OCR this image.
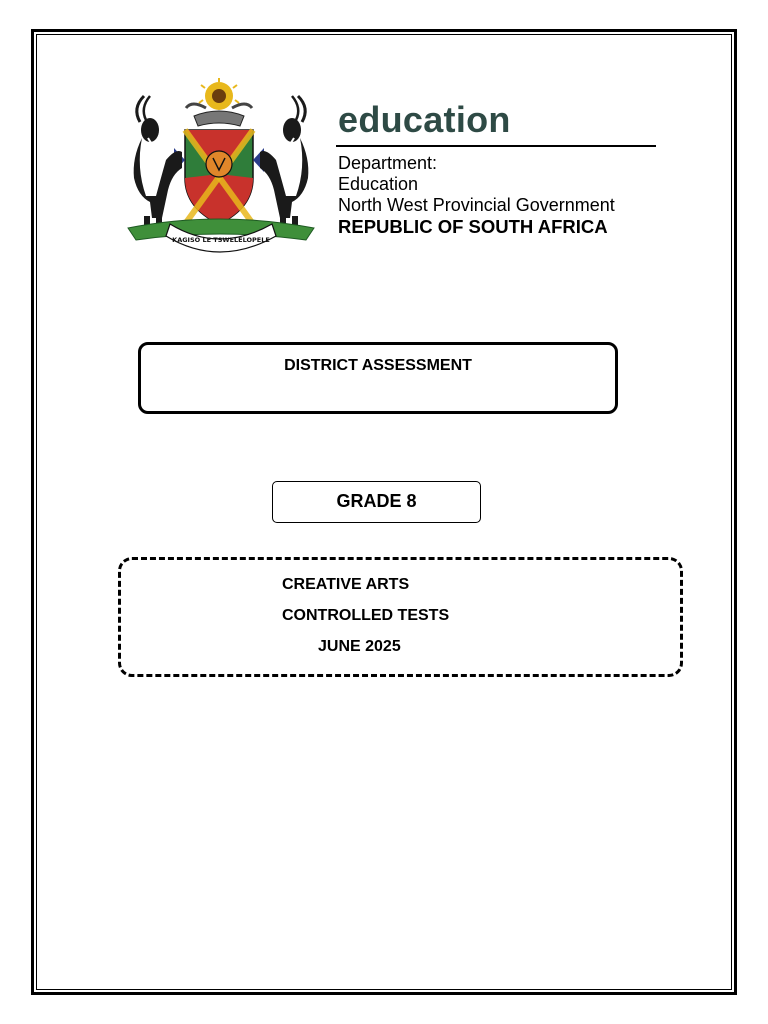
KAGISO LE TSWELELOPELE
education
Department:
Education
North West Provincial Government
REPUBLIC OF SOUTH AFRICA
DISTRICT ASSESSMENT
GRADE 8
CREATIVE ARTS
CONTROLLED TESTS
JUNE 2025
